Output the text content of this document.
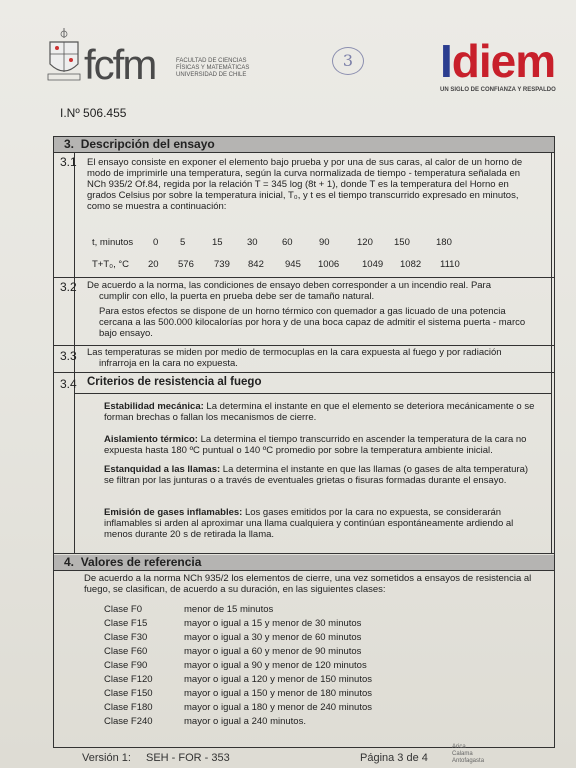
fcfm	FACULTAD DE CIENCIAS
FÍSICAS Y MATEMÁTICAS
UNIVERSIDAD DE CHILE
3 Idiem
UN SIGLO DE CONFIANZA Y RESPALDO
I.Nº 506.455
3. Descripción del ensayo
3.1 El ensayo consiste en exponer el elemento bajo prueba y por una de sus caras, al calor de un horno de
modo de imprimirle una temperatura, según la curva normalizada de tiempo - temperatura señalada en
NCh 935/2 Of.84, regida por la relación T = 345 log (8t + 1), donde T es la temperatura del Horno en
grados Celsius por sobre la temperatura inicial, T₀, y t es el tiempo transcurrido expresado en minutos,
como se muestra a continuación:
t, minutos 0 5	15	30	60	90	120 150	180
T+T₀, °C 20 576 739 842 945 1006 1049 1082 1110
3.2 De acuerdo a la norma, las condiciones de ensayo deben corresponder a un incendio real. Para
cumplir con ello, la puerta en prueba debe ser de tamaño natural.
Para estos efectos se dispone de un horno térmico con quemador a gas licuado de una potencia
cercana a las 500.000 kilocalorías por hora y de una boca capaz de admitir el sistema puerta - marco
bajo ensayo.
3.3 Las temperaturas se miden por medio de termocuplas en la cara expuesta al fuego y por radiación
infrarroja en la cara no expuesta.
3.4 Criterios de resistencia al fuego
Estabilidad mecánica: La determina el instante en que el elemento se deteriora mecánicamente o se
forman brechas o fallan los mecanismos de cierre.
Aislamiento térmico: La determina el tiempo transcurrido en ascender la temperatura de la cara no
expuesta hasta 180 ºC puntual o 140 ºC promedio por sobre la temperatura ambiente inicial.
Estanquidad a las llamas: La determina el instante en que las llamas (o gases de alta temperatura)
se filtran por las junturas o a través de eventuales grietas o fisuras formadas durante el ensayo.
Emisión de gases inflamables: Los gases emitidos por la cara no expuesta, se considerarán
inflamables si arden al aproximar una llama cualquiera y continúan espontáneamente ardiendo al
menos durante 20 s de retirada la llama.
4. Valores de referencia
De acuerdo a la norma NCh 935/2 los elementos de cierre, una vez sometidos a ensayos de resistencia al
fuego, se clasifican, de acuerdo a su duración, en las siguientes clases:
Clase F0	menor de 15 minutos
Clase F15	mayor o igual a 15 y menor de 30 minutos
Clase F30	mayor o igual a 30 y menor de 60 minutos
Clase F60	mayor o igual a 60 y menor de 90 minutos
Clase F90	mayor o igual a 90 y menor de 120 minutos
Clase F120	mayor o igual a 120 y menor de 150 minutos
Clase F150	mayor o igual a 150 y menor de 180 minutos
Clase F180	mayor o igual a 180 y menor de 240 minutos
Clase F240	mayor o igual a 240 minutos.
Versión 1: SEH - FOR - 353	Página 3 de 4
Arica
Calama
Antofagasta
